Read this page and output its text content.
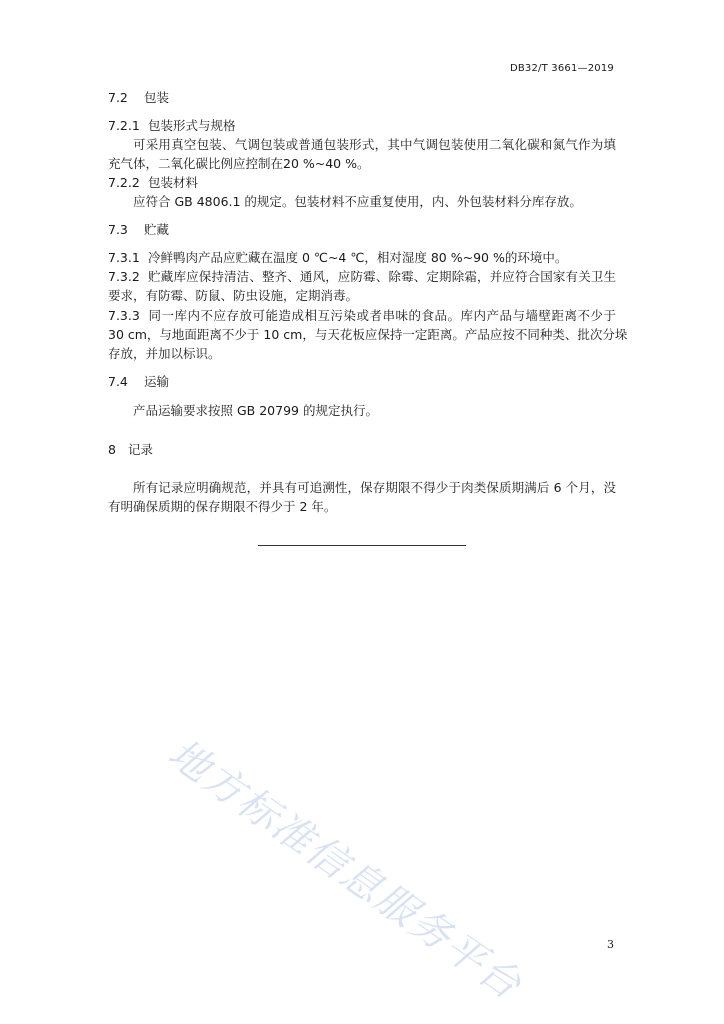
DB32/T 3661—2019
7.2 包装
7.2.1 包装形式与规格
可采用真空包装、气调包装或普通包装形式，其中气调包装使用二氧化碳和氮气作为填
充气体，二氧化碳比例应控制在20 %~40 %。
7.2.2 包装材料
应符合 GB 4806.1 的规定。包装材料不应重复使用，内、外包装材料分库存放。
7.3 贮藏
7.3.1 冷鲜鸭肉产品应贮藏在温度 0 ℃~4 ℃，相对湿度 80 %~90 %的环境中。
7.3.2 贮藏库应保持清洁、整齐、通风，应防霉、除霉、定期除霜，并应符合国家有关卫生
要求，有防霉、防鼠、防虫设施，定期消毒。
7.3.3 同一库内不应存放可能造成相互污染或者串味的食品。库内产品与墙壁距离不少于
30 cm，与地面距离不少于 10 cm，与天花板应保持一定距离。产品应按不同种类、批次分垛
存放，并加以标识。
7.4 运输
产品运输要求按照 GB 20799 的规定执行。
8 记录
所有记录应明确规范，并具有可追溯性，保存期限不得少于肉类保质期满后 6 个月，没
有明确保质期的保存期限不得少于 2 年。
地方标准信息服务平台	3
